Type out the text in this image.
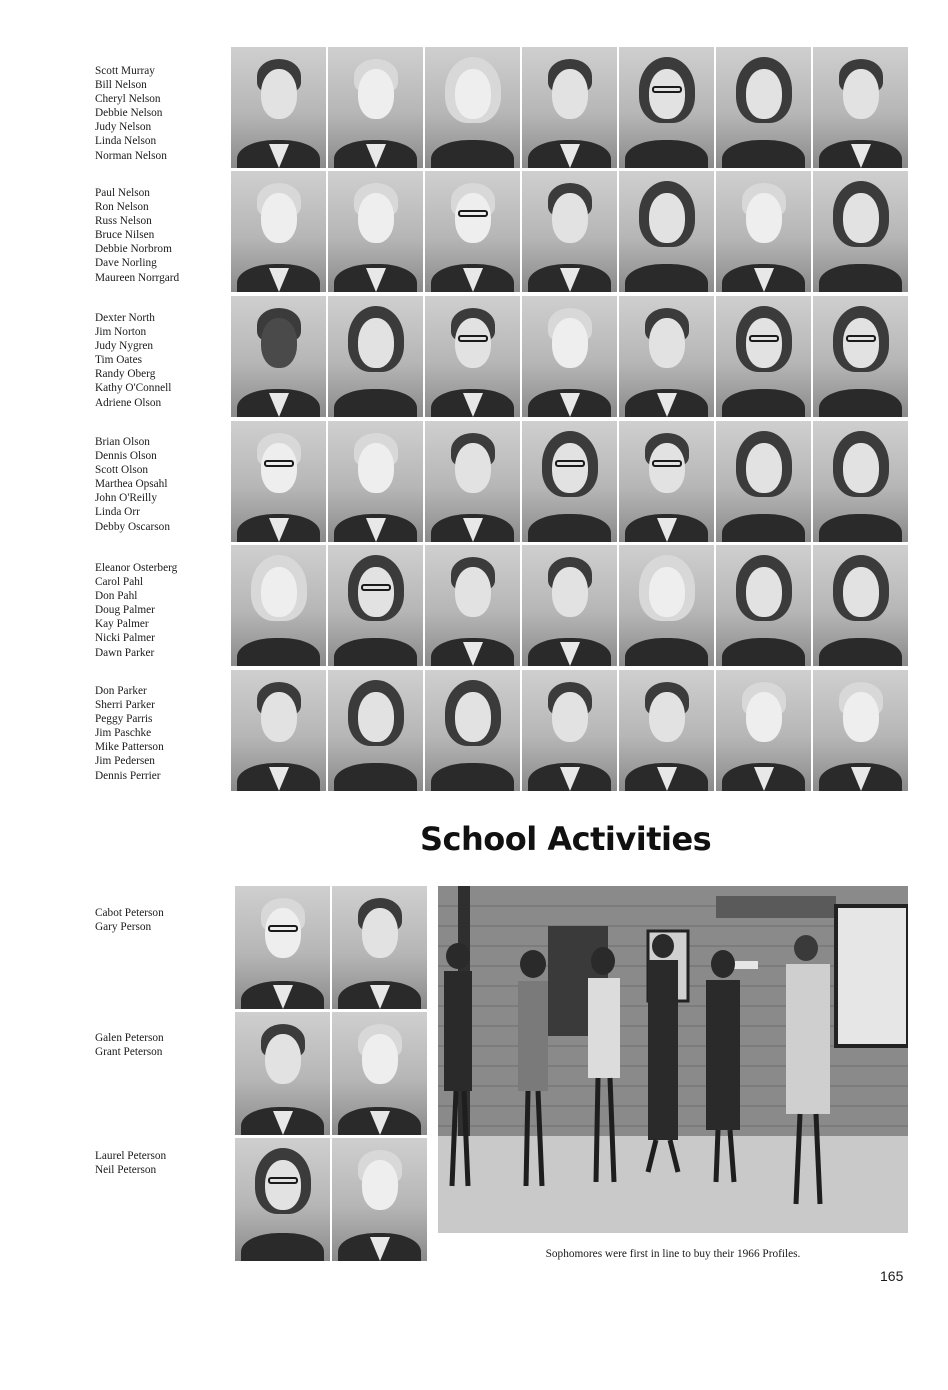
Scott Murray
Bill Nelson
Cheryl Nelson
Debbie Nelson
Judy Nelson
Linda Nelson
Norman Nelson
Paul Nelson
Ron Nelson
Russ Nelson
Bruce Nilsen
Debbie Norbrom
Dave Norling
Maureen Norrgard
Dexter North
Jim Norton
Judy Nygren
Tim Oates
Randy Oberg
Kathy O'Connell
Adriene Olson
Brian Olson
Dennis Olson
Scott Olson
Marthea Opsahl
John O'Reilly
Linda Orr
Debby Oscarson
Eleanor Osterberg
Carol Pahl
Don Pahl
Doug Palmer
Kay Palmer
Nicki Palmer
Dawn Parker
Don Parker
Sherri Parker
Peggy Parris
Jim Paschke
Mike Patterson
Jim Pedersen
Dennis Perrier
School Activities
Cabot Peterson
Gary Person
Galen Peterson
Grant Peterson
Laurel Peterson
Neil Peterson
Sophomores were first in line to buy their 1966 Profiles.
165
